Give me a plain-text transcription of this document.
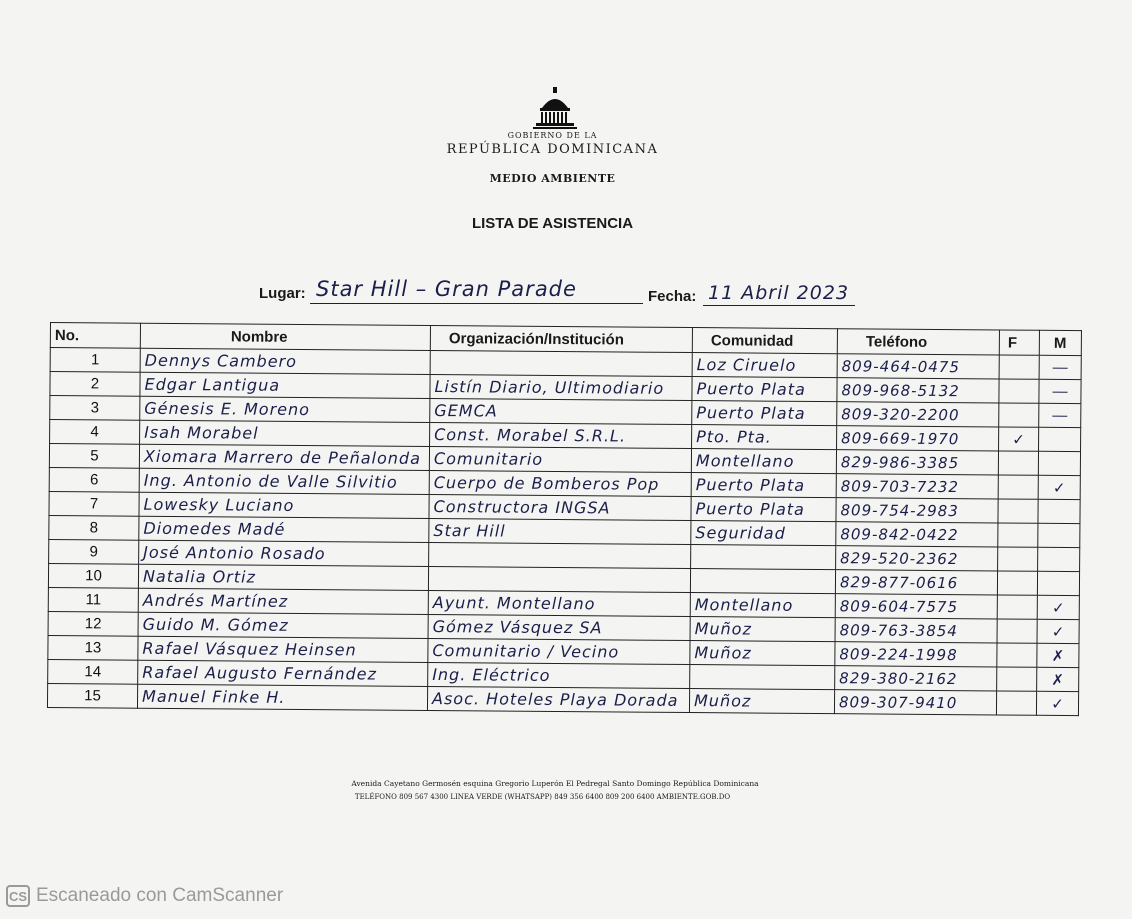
GOBIERNO DE LA
REPÚBLICA DOMINICANA
MEDIO AMBIENTE
LISTA DE ASISTENCIA
Lugar: Star Hill – Gran Parade	Fecha: 11 Abril 2023
No.	Nombre	Organización/Institución	Comunidad	Teléfono	F	M
1	Dennys Cambero		Loz Ciruelo	809-464-0475		—
2	Edgar Lantigua	Listín Diario, Ultimodiario	Puerto Plata	809-968-5132		—
3	Génesis E. Moreno	GEMCA	Puerto Plata	809-320-2200		—
4	Isah Morabel	Const. Morabel S.R.L.	Pto. Pta.	809-669-1970	✓	
5	Xiomara Marrero de Peñalonda	Comunitario	Montellano	829-986-3385		
6	Ing. Antonio de Valle Silvitio	Cuerpo de Bomberos Pop	Puerto Plata	809-703-7232		✓
7	Lowesky Luciano	Constructora INGSA	Puerto Plata	809-754-2983		
8	Diomedes Madé	Star Hill	Seguridad	809-842-0422		
9	José Antonio Rosado			829-520-2362		
10	Natalia Ortiz			829-877-0616		
11	Andrés Martínez	Ayunt. Montellano	Montellano	809-604-7575		✓
12	Guido M. Gómez	Gómez Vásquez SA	Muñoz	809-763-3854		✓
13	Rafael Vásquez Heinsen	Comunitario / Vecino	Muñoz	809-224-1998		✗
14	Rafael Augusto Fernández	Ing. Eléctrico		829-380-2162		✗
15	Manuel Finke H.	Asoc. Hoteles Playa Dorada	Muñoz	809-307-9410		✓
Avenida Cayetano Germosén esquina Gregorio Luperón El Pedregal Santo Domingo República Dominicana
TELÉFONO 809 567 4300 LINEA VERDE (WHATSAPP) 849 356 6400 809 200 6400 AMBIENTE.GOB.DO
CS Escaneado con CamScanner
